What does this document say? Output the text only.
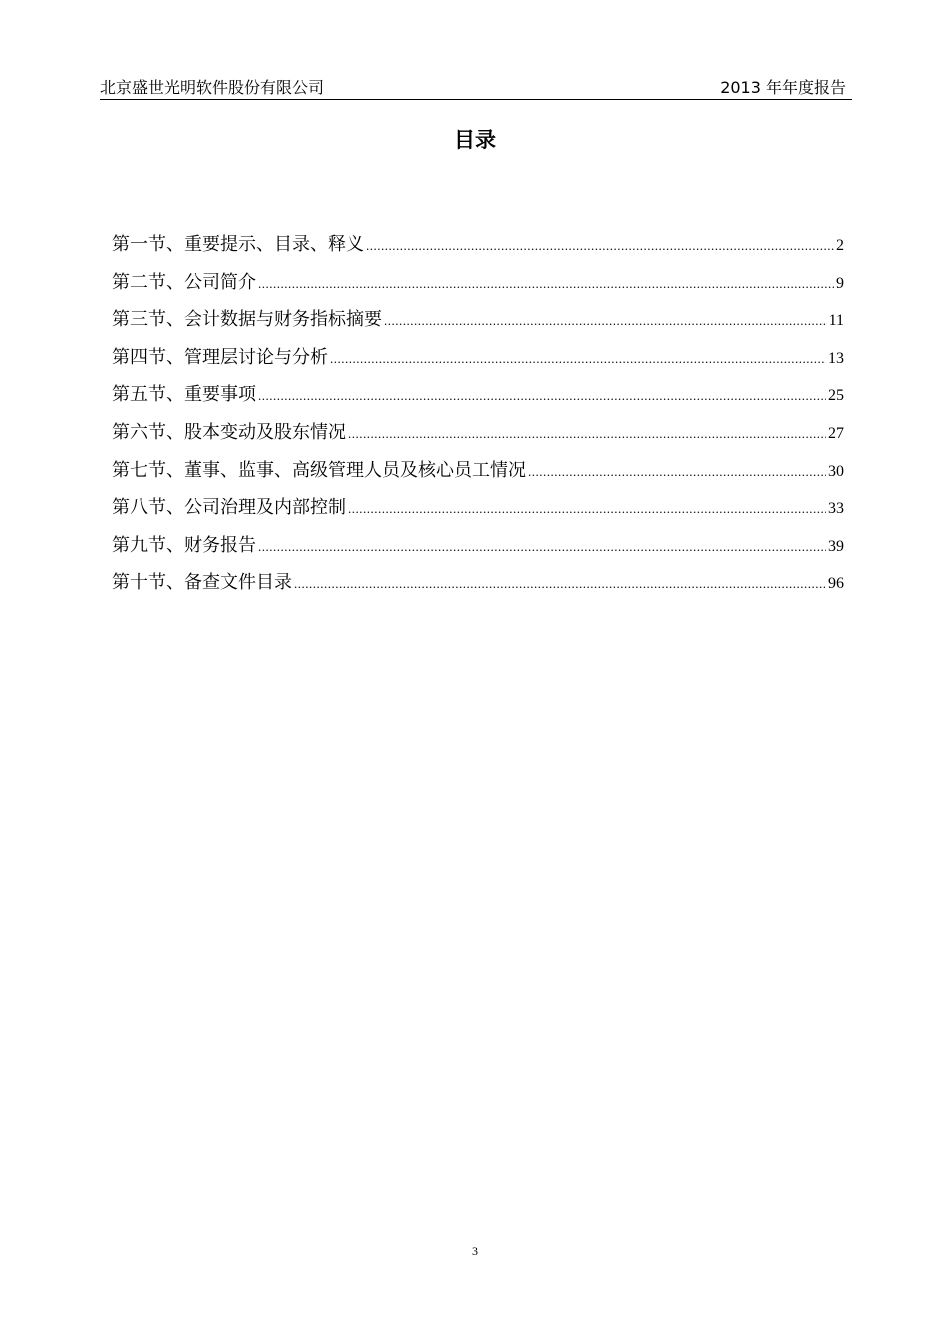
北京盛世光明软件股份有限公司	2013 年年度报告
目录
第一节、重要提示、目录、释义 .....	2
第二节、公司简介 .....	9
第三节、会计数据与财务指标摘要 .....	11
第四节、管理层讨论与分析 .....	13
第五节、重要事项 .....	25
第六节、股本变动及股东情况 .....	27
第七节、董事、监事、高级管理人员及核心员工情况 .....	30
第八节、公司治理及内部控制 .....	33
第九节、财务报告 .....	39
第十节、备查文件目录 .....	96
3
